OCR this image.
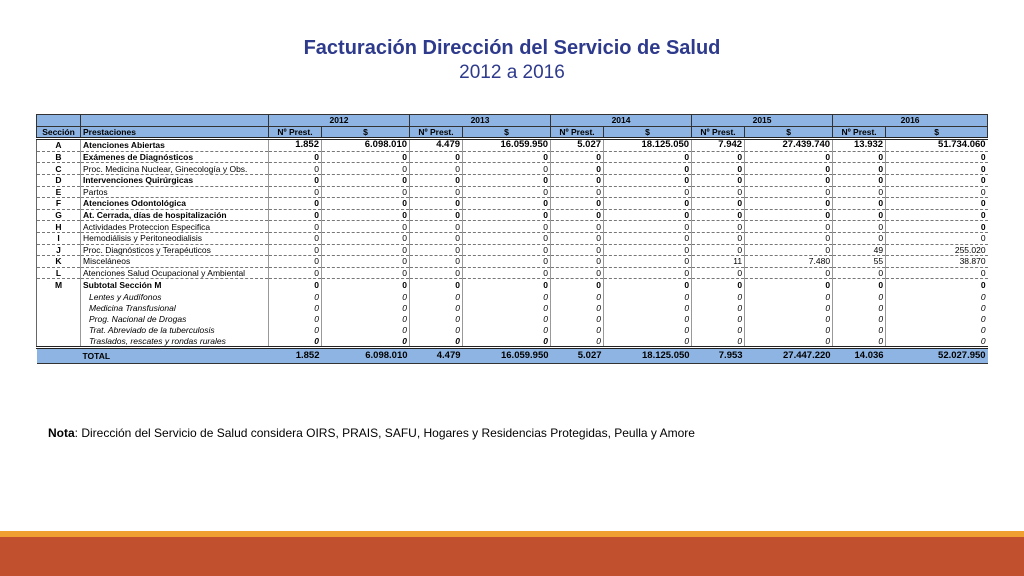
Facturación Dirección del Servicio de Salud
2012 a 2016
		2012		2013		2014		2015		2016	
Sección	Prestaciones	Nº Prest.	$	Nº Prest.	$	Nº Prest.	$	Nº Prest.	$	Nº Prest.	$
A	Atenciones Abiertas	1.852	6.098.010	4.479	16.059.950	5.027	18.125.050	7.942	27.439.740	13.932	51.734.060
B	Exámenes de Diagnósticos	0	0	0	0	0	0	0	0	0	0
C	Proc. Medicina Nuclear, Ginecología y Obs.	0	0	0	0	0	0	0	0	0	0
D	Intervenciones Quirúrgicas	0	0	0	0	0	0	0	0	0	0
E	Partos	0	0	0	0	0	0	0	0	0	0
F	Atenciones Odontológica	0	0	0	0	0	0	0	0	0	0
G	At. Cerrada, días de hospitalización	0	0	0	0	0	0	0	0	0	0
H	Actividades Proteccion Especifica	0	0	0	0	0	0	0	0	0	0
I	Hemodiálisis y Peritoneodialisis	0	0	0	0	0	0	0	0	0	0
J	Proc. Diagnósticos y Terapéuticos	0	0	0	0	0	0	0	0	49	255.020
K	Misceláneos	0	0	0	0	0	0	11	7.480	55	38.870
L	Atenciones Salud Ocupacional y Ambiental	0	0	0	0	0	0	0	0	0	0
M	Subtotal Sección M	0	0	0	0	0	0	0	0	0	0
	Lentes y Audífonos	0	0	0	0	0	0	0	0	0	0
	Medicina Transfusional	0	0	0	0	0	0	0	0	0	0
	Prog. Nacional de Drogas	0	0	0	0	0	0	0	0	0	0
	Trat. Abreviado de la tuberculosis	0	0	0	0	0	0	0	0	0	0
	Traslados, rescates y rondas rurales	0	0	0	0	0	0	0	0	0	0
	TOTAL	1.852	6.098.010	4.479	16.059.950	5.027	18.125.050	7.953	27.447.220	14.036	52.027.950
Nota: Dirección del Servicio de Salud considera OIRS, PRAIS, SAFU, Hogares y Residencias Protegidas, Peulla y Amore
